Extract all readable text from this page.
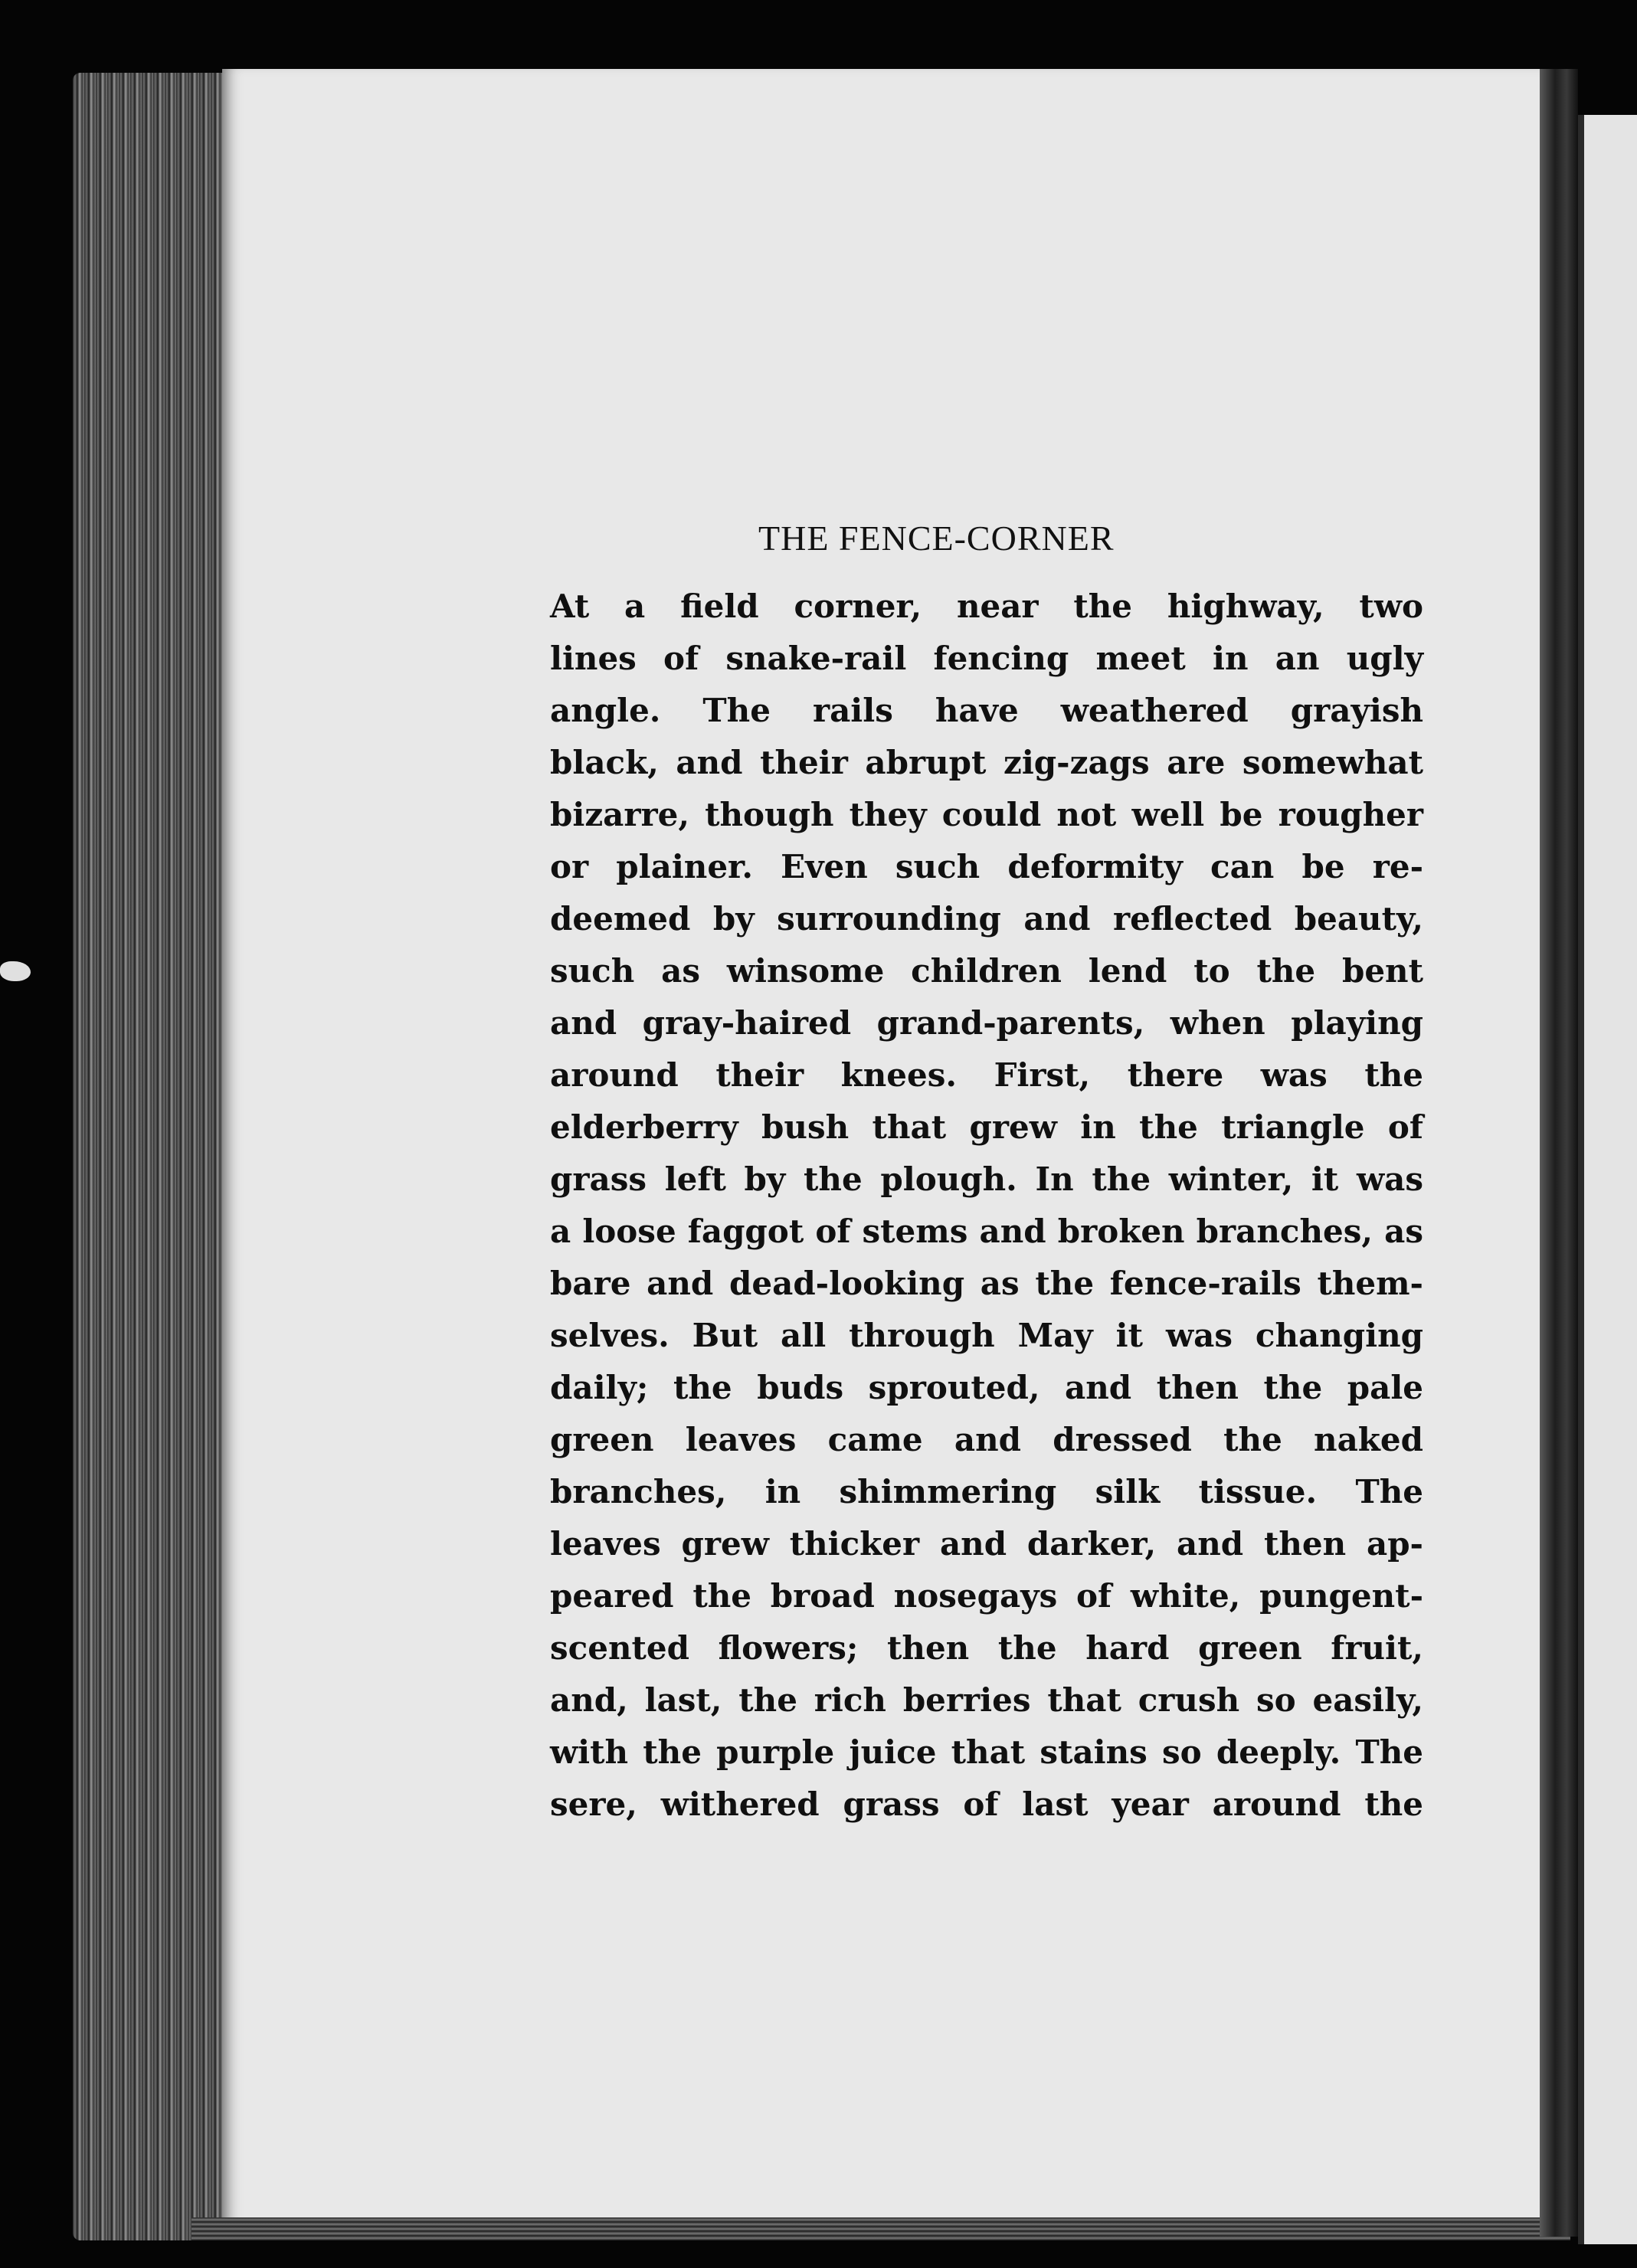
THE FENCE-CORNER
At a field corner, near the highway, two
lines of snake-rail fencing meet in an ugly
angle. The rails have weathered grayish
black, and their abrupt zig-zags are somewhat
bizarre, though they could not well be rougher
or plainer. Even such deformity can be re-
deemed by surrounding and reflected beauty,
such as winsome children lend to the bent
and gray-haired grand-parents, when playing
around their knees. First, there was the
elderberry bush that grew in the triangle of
grass left by the plough. In the winter, it was
a loose faggot of stems and broken branches, as
bare and dead-looking as the fence-rails them-
selves. But all through May it was changing
daily; the buds sprouted, and then the pale
green leaves came and dressed the naked
branches, in shimmering silk tissue. The
leaves grew thicker and darker, and then ap-
peared the broad nosegays of white, pungent-
scented flowers; then the hard green fruit,
and, last, the rich berries that crush so easily,
with the purple juice that stains so deeply. The
sere, withered grass of last year around the
